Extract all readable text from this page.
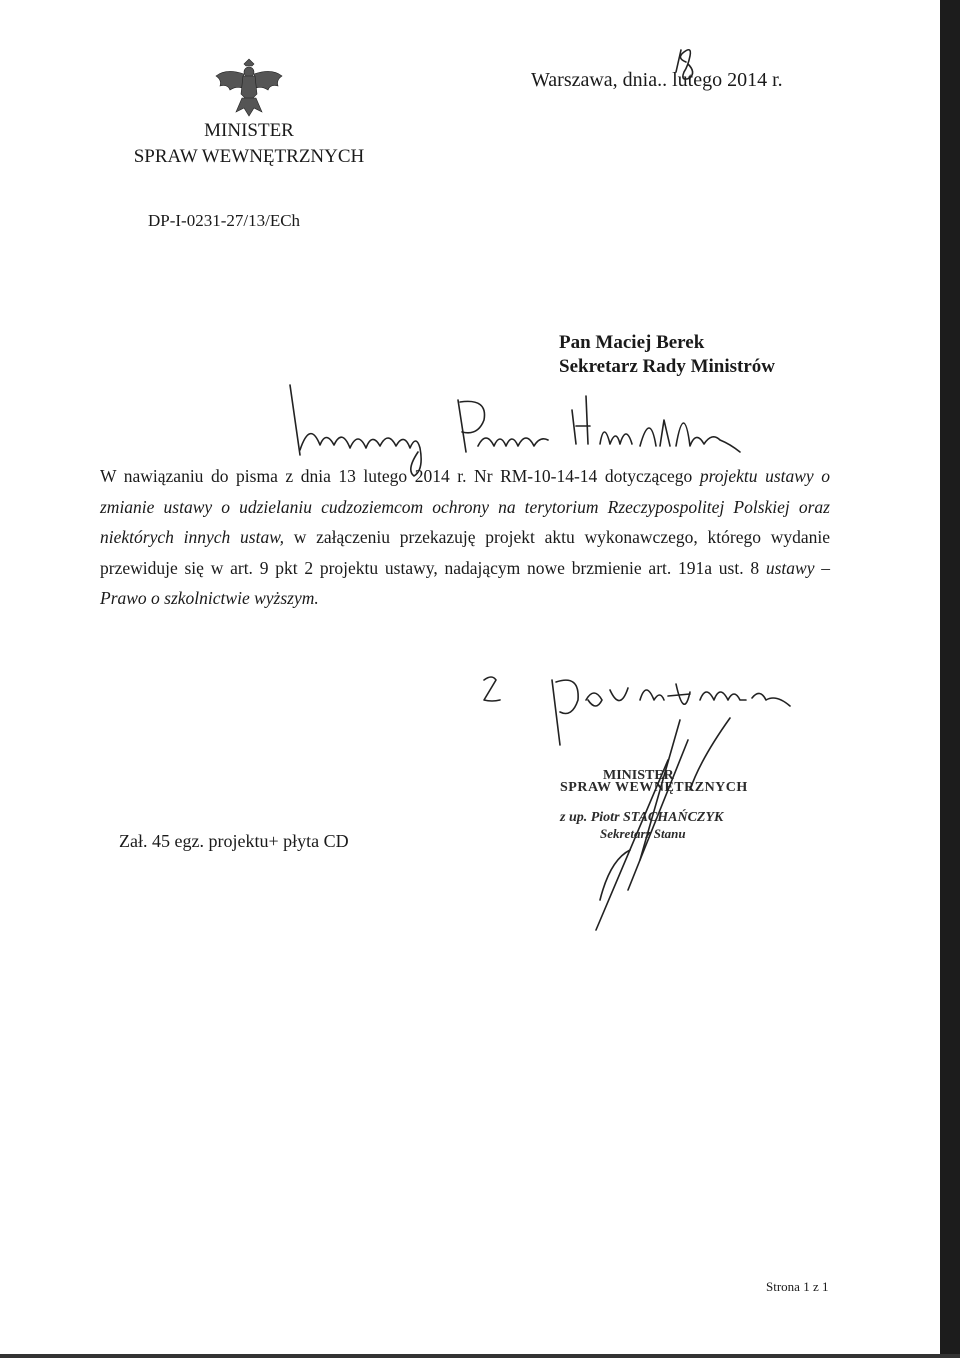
MINISTER
SPRAW WEWNĘTRZNYCH
Warszawa, dnia.. lutego 2014 r.
DP-I-0231-27/13/ECh
Pan Maciej Berek
Sekretarz Rady Ministrów
W nawiązaniu do pisma z dnia 13 lutego 2014 r. Nr RM-10-14-14 dotyczącego projektu ustawy o zmianie ustawy o udzielaniu cudzoziemcom ochrony na terytorium Rzeczypospolitej Polskiej oraz niektórych innych ustaw, w załączeniu przekazuję projekt aktu wykonawczego, którego wydanie przewiduje się w art. 9 pkt 2 projektu ustawy, nadającym nowe brzmienie art. 191a ust. 8 ustawy – Prawo o szkolnictwie wyższym.
Zał. 45 egz. projektu+ płyta CD
Strona 1 z 1
MINISTER
SPRAW WEWNĘTRZNYCH
z up. Piotr STACHAŃCZYK
Sekretarz Stanu
